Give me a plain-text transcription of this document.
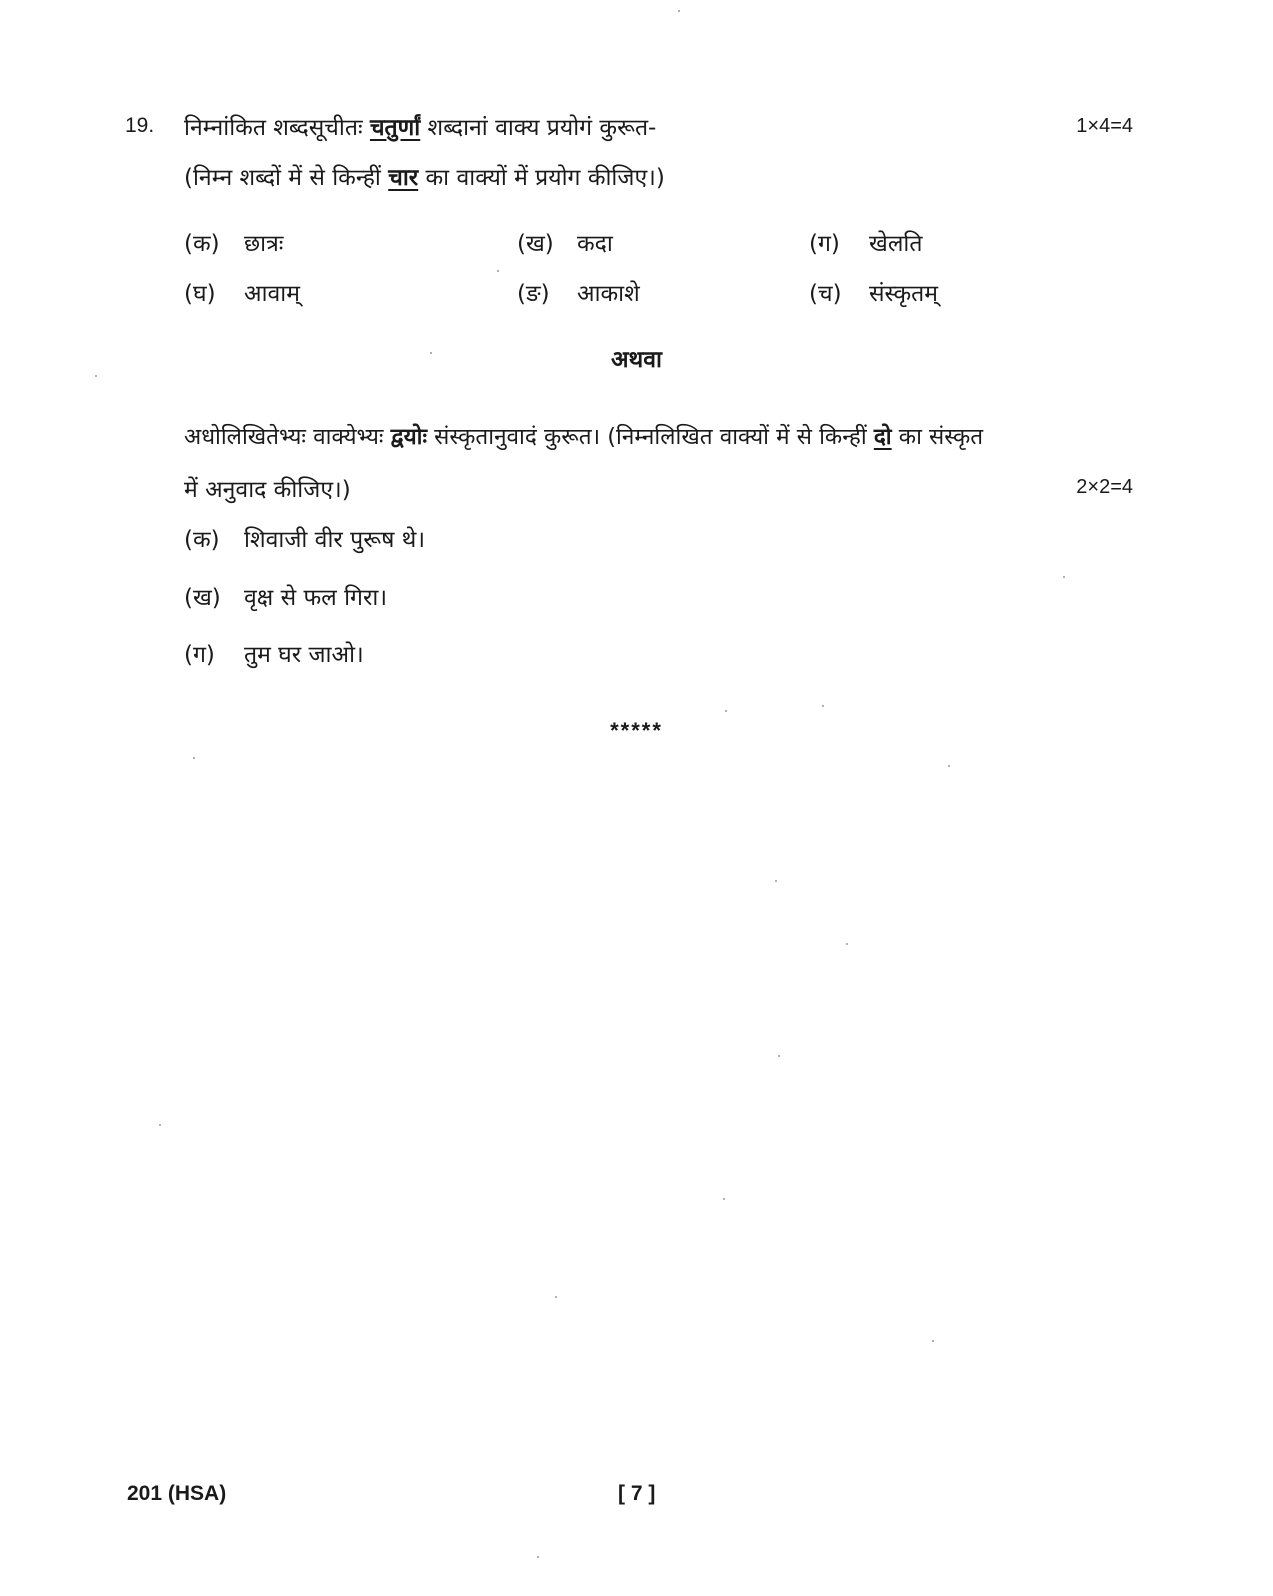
19. निम्नांकित शब्दसूचीतः चतुर्णां शब्दानां वाक्य प्रयोगं कुरूत-	1×4=4
(निम्न शब्दों में से किन्हीं चार का वाक्यों में प्रयोग कीजिए।)
(क) छात्रः	(ख) कदा	(ग) खेलति
(घ) आवाम्	(ङ) आकाशे	(च) संस्कृतम्
अथवा
अधोलिखितेभ्यः वाक्येभ्यः द्वयोः संस्कृतानुवादं कुरूत। (निम्नलिखित वाक्यों में से किन्हीं दो का संस्कृत
में अनुवाद कीजिए।)	2×2=4
(क) शिवाजी वीर पुरूष थे।
(ख) वृक्ष से फल गिरा।
(ग) तुम घर जाओ।
*****
201 (HSA)	[ 7 ]
